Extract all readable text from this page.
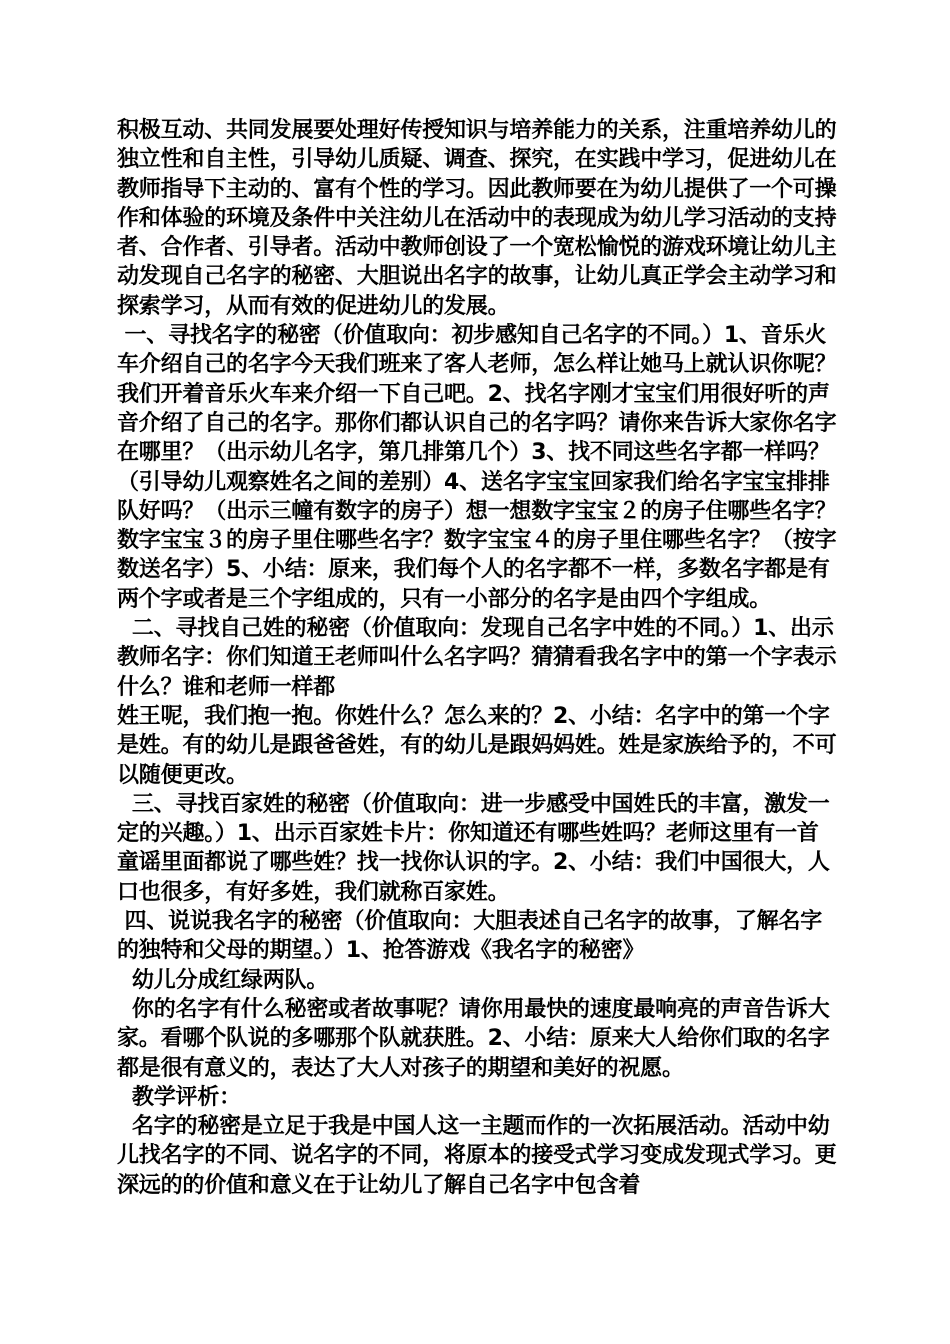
积极互动、共同发展要处理好传授知识与培养能力的关系，注重培养幼儿的独立性和自主性，引导幼儿质疑、调查、探究，在实践中学习，促进幼儿在教师指导下主动的、富有个性的学习。因此教师要在为幼儿提供了一个可操作和体验的环境及条件中关注幼儿在活动中的表现成为幼儿学习活动的支持者、合作者、引导者。活动中教师创设了一个宽松愉悦的游戏环境让幼儿主动发现自己名字的秘密、大胆说出名字的故事，让幼儿真正学会主动学习和探索学习，从而有效的促进幼儿的发展。

一、寻找名字的秘密（价值取向：初步感知自己名字的不同。）1、音乐火车介绍自己的名字今天我们班来了客人老师，怎么样让她马上就认识你呢？我们开着音乐火车来介绍一下自己吧。2、找名字刚才宝宝们用很好听的声音介绍了自己的名字。那你们都认识自己的名字吗？请你来告诉大家你名字在哪里？（出示幼儿名字，第几排第几个）3、找不同这些名字都一样吗？（引导幼儿观察姓名之间的差别）4、送名字宝宝回家我们给名字宝宝排排队好吗？（出示三幢有数字的房子）想一想数字宝宝２的房子住哪些名字？数字宝宝３的房子里住哪些名字？数字宝宝４的房子里住哪些名字？（按字数送名字）5、小结：原来，我们每个人的名字都不一样，多数名字都是有两个字或者是三个字组成的，只有一小部分的名字是由四个字组成。

二、寻找自己姓的秘密（价值取向：发现自己名字中姓的不同。）1、出示教师名字：你们知道王老师叫什么名字吗？猜猜看我名字中的第一个字表示什么？谁和老师一样都

姓王呢，我们抱一抱。你姓什么？怎么来的？2、小结：名字中的第一个字是姓。有的幼儿是跟爸爸姓，有的幼儿是跟妈妈姓。姓是家族给予的，不可以随便更改。

三、寻找百家姓的秘密（价值取向：进一步感受中国姓氏的丰富，激发一定的兴趣。）1、出示百家姓卡片：你知道还有哪些姓吗？老师这里有一首童谣里面都说了哪些姓？找一找你认识的字。2、小结：我们中国很大，人口也很多，有好多姓，我们就称百家姓。

四、说说我名字的秘密（价值取向：大胆表述自己名字的故事，了解名字的独特和父母的期望。）1、抢答游戏《我名字的秘密》

幼儿分成红绿两队。

你的名字有什么秘密或者故事呢？请你用最快的速度最响亮的声音告诉大家。看哪个队说的多哪那个队就获胜。2、小结：原来大人给你们取的名字都是很有意义的，表达了大人对孩子的期望和美好的祝愿。

教学评析：

名字的秘密是立足于我是中国人这一主题而作的一次拓展活动。活动中幼儿找名字的不同、说名字的不同，将原本的接受式学习变成发现式学习。更深远的的价值和意义在于让幼儿了解自己名字中包含着
